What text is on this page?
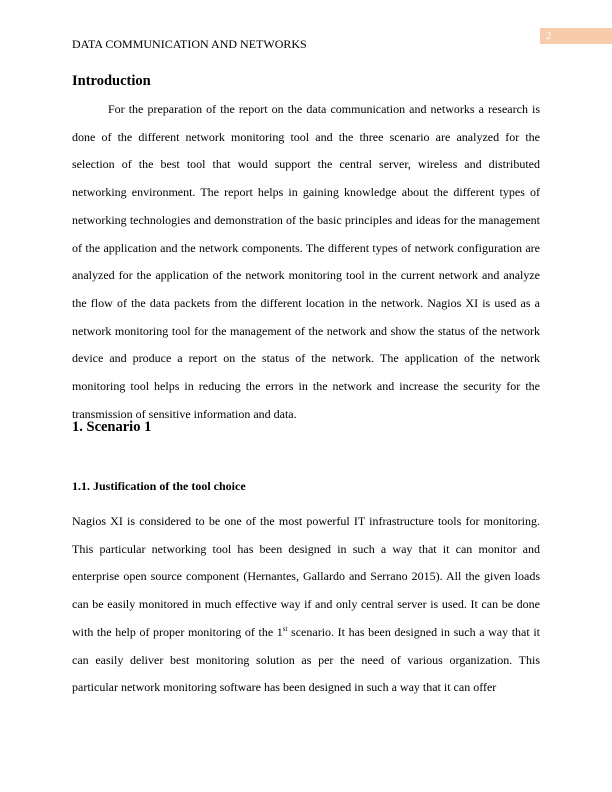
2
DATA COMMUNICATION AND NETWORKS
Introduction

For the preparation of the report on the data communication and networks a research is done of the different network monitoring tool and the three scenario are analyzed for the selection of the best tool that would support the central server, wireless and distributed networking environment. The report helps in gaining knowledge about the different types of networking technologies and demonstration of the basic principles and ideas for the management of the application and the network components. The different types of network configuration are analyzed for the application of the network monitoring tool in the current network and analyze the flow of the data packets from the different location in the network. Nagios XI is used as a network monitoring tool for the management of the network and show the status of the network device and produce a report on the status of the network. The application of the network monitoring tool helps in reducing the errors in the network and increase the security for the transmission of sensitive information and data.

1. Scenario 1
1.1. Justification of the tool choice

Nagios XI is considered to be one of the most powerful IT infrastructure tools for monitoring. This particular networking tool has been designed in such a way that it can monitor and enterprise open source component (Hernantes, Gallardo and Serrano 2015). All the given loads can be easily monitored in much effective way if and only central server is used. It can be done with the help of proper monitoring of the 1st scenario. It has been designed in such a way that it can easily deliver best monitoring solution as per the need of various organization. This particular network monitoring software has been designed in such a way that it can offer
